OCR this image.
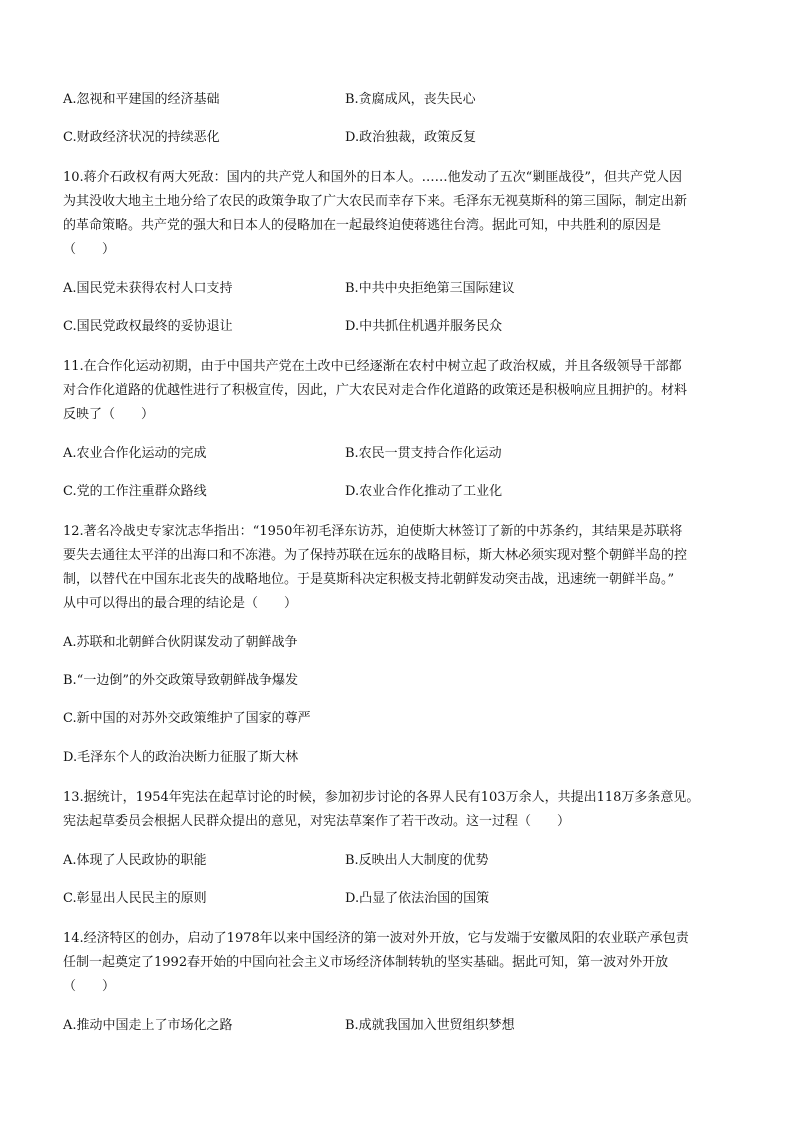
A.忽视和平建国的经济基础	B.贪腐成风，丧失民心
C.财政经济状况的持续恶化	D.政治独裁，政策反复
10.蒋介石政权有两大死敌：国内的共产党人和国外的日本人。……他发动了五次“剿匪战役”，但共产党人因
为其没收大地主土地分给了农民的政策争取了广大农民而幸存下来。毛泽东无视莫斯科的第三国际，制定出新
的革命策略。共产党的强大和日本人的侵略加在一起最终迫使蒋逃往台湾。据此可知，中共胜利的原因是
（　　）
A.国民党未获得农村人口支持	B.中共中央拒绝第三国际建议
C.国民党政权最终的妥协退让	D.中共抓住机遇并服务民众
11.在合作化运动初期，由于中国共产党在土改中已经逐渐在农村中树立起了政治权威，并且各级领导干部都
对合作化道路的优越性进行了积极宣传，因此，广大农民对走合作化道路的政策还是积极响应且拥护的。材料
反映了（　　）
A.农业合作化运动的完成	B.农民一贯支持合作化运动
C.党的工作注重群众路线	D.农业合作化推动了工业化
12.著名冷战史专家沈志华指出：“1950年初毛泽东访苏，迫使斯大林签订了新的中苏条约，其结果是苏联将
要失去通往太平洋的出海口和不冻港。为了保持苏联在远东的战略目标，斯大林必须实现对整个朝鲜半岛的控
制，以替代在中国东北丧失的战略地位。于是莫斯科决定积极支持北朝鲜发动突击战，迅速统一朝鲜半岛。”
从中可以得出的最合理的结论是（　　）
A.苏联和北朝鲜合伙阴谋发动了朝鲜战争
B.“一边倒”的外交政策导致朝鲜战争爆发
C.新中国的对苏外交政策维护了国家的尊严
D.毛泽东个人的政治决断力征服了斯大林
13.据统计，1954年宪法在起草讨论的时候，参加初步讨论的各界人民有103万余人，共提出118万多条意见。
宪法起草委员会根据人民群众提出的意见，对宪法草案作了若干改动。这一过程（　　）
A.体现了人民政协的职能	B.反映出人大制度的优势
C.彰显出人民民主的原则	D.凸显了依法治国的国策
14.经济特区的创办，启动了1978年以来中国经济的第一波对外开放，它与发端于安徽凤阳的农业联产承包责
任制一起奠定了1992春开始的中国向社会主义市场经济体制转轨的坚实基础。据此可知，第一波对外开放
（　　）
A.推动中国走上了市场化之路	B.成就我国加入世贸组织梦想
